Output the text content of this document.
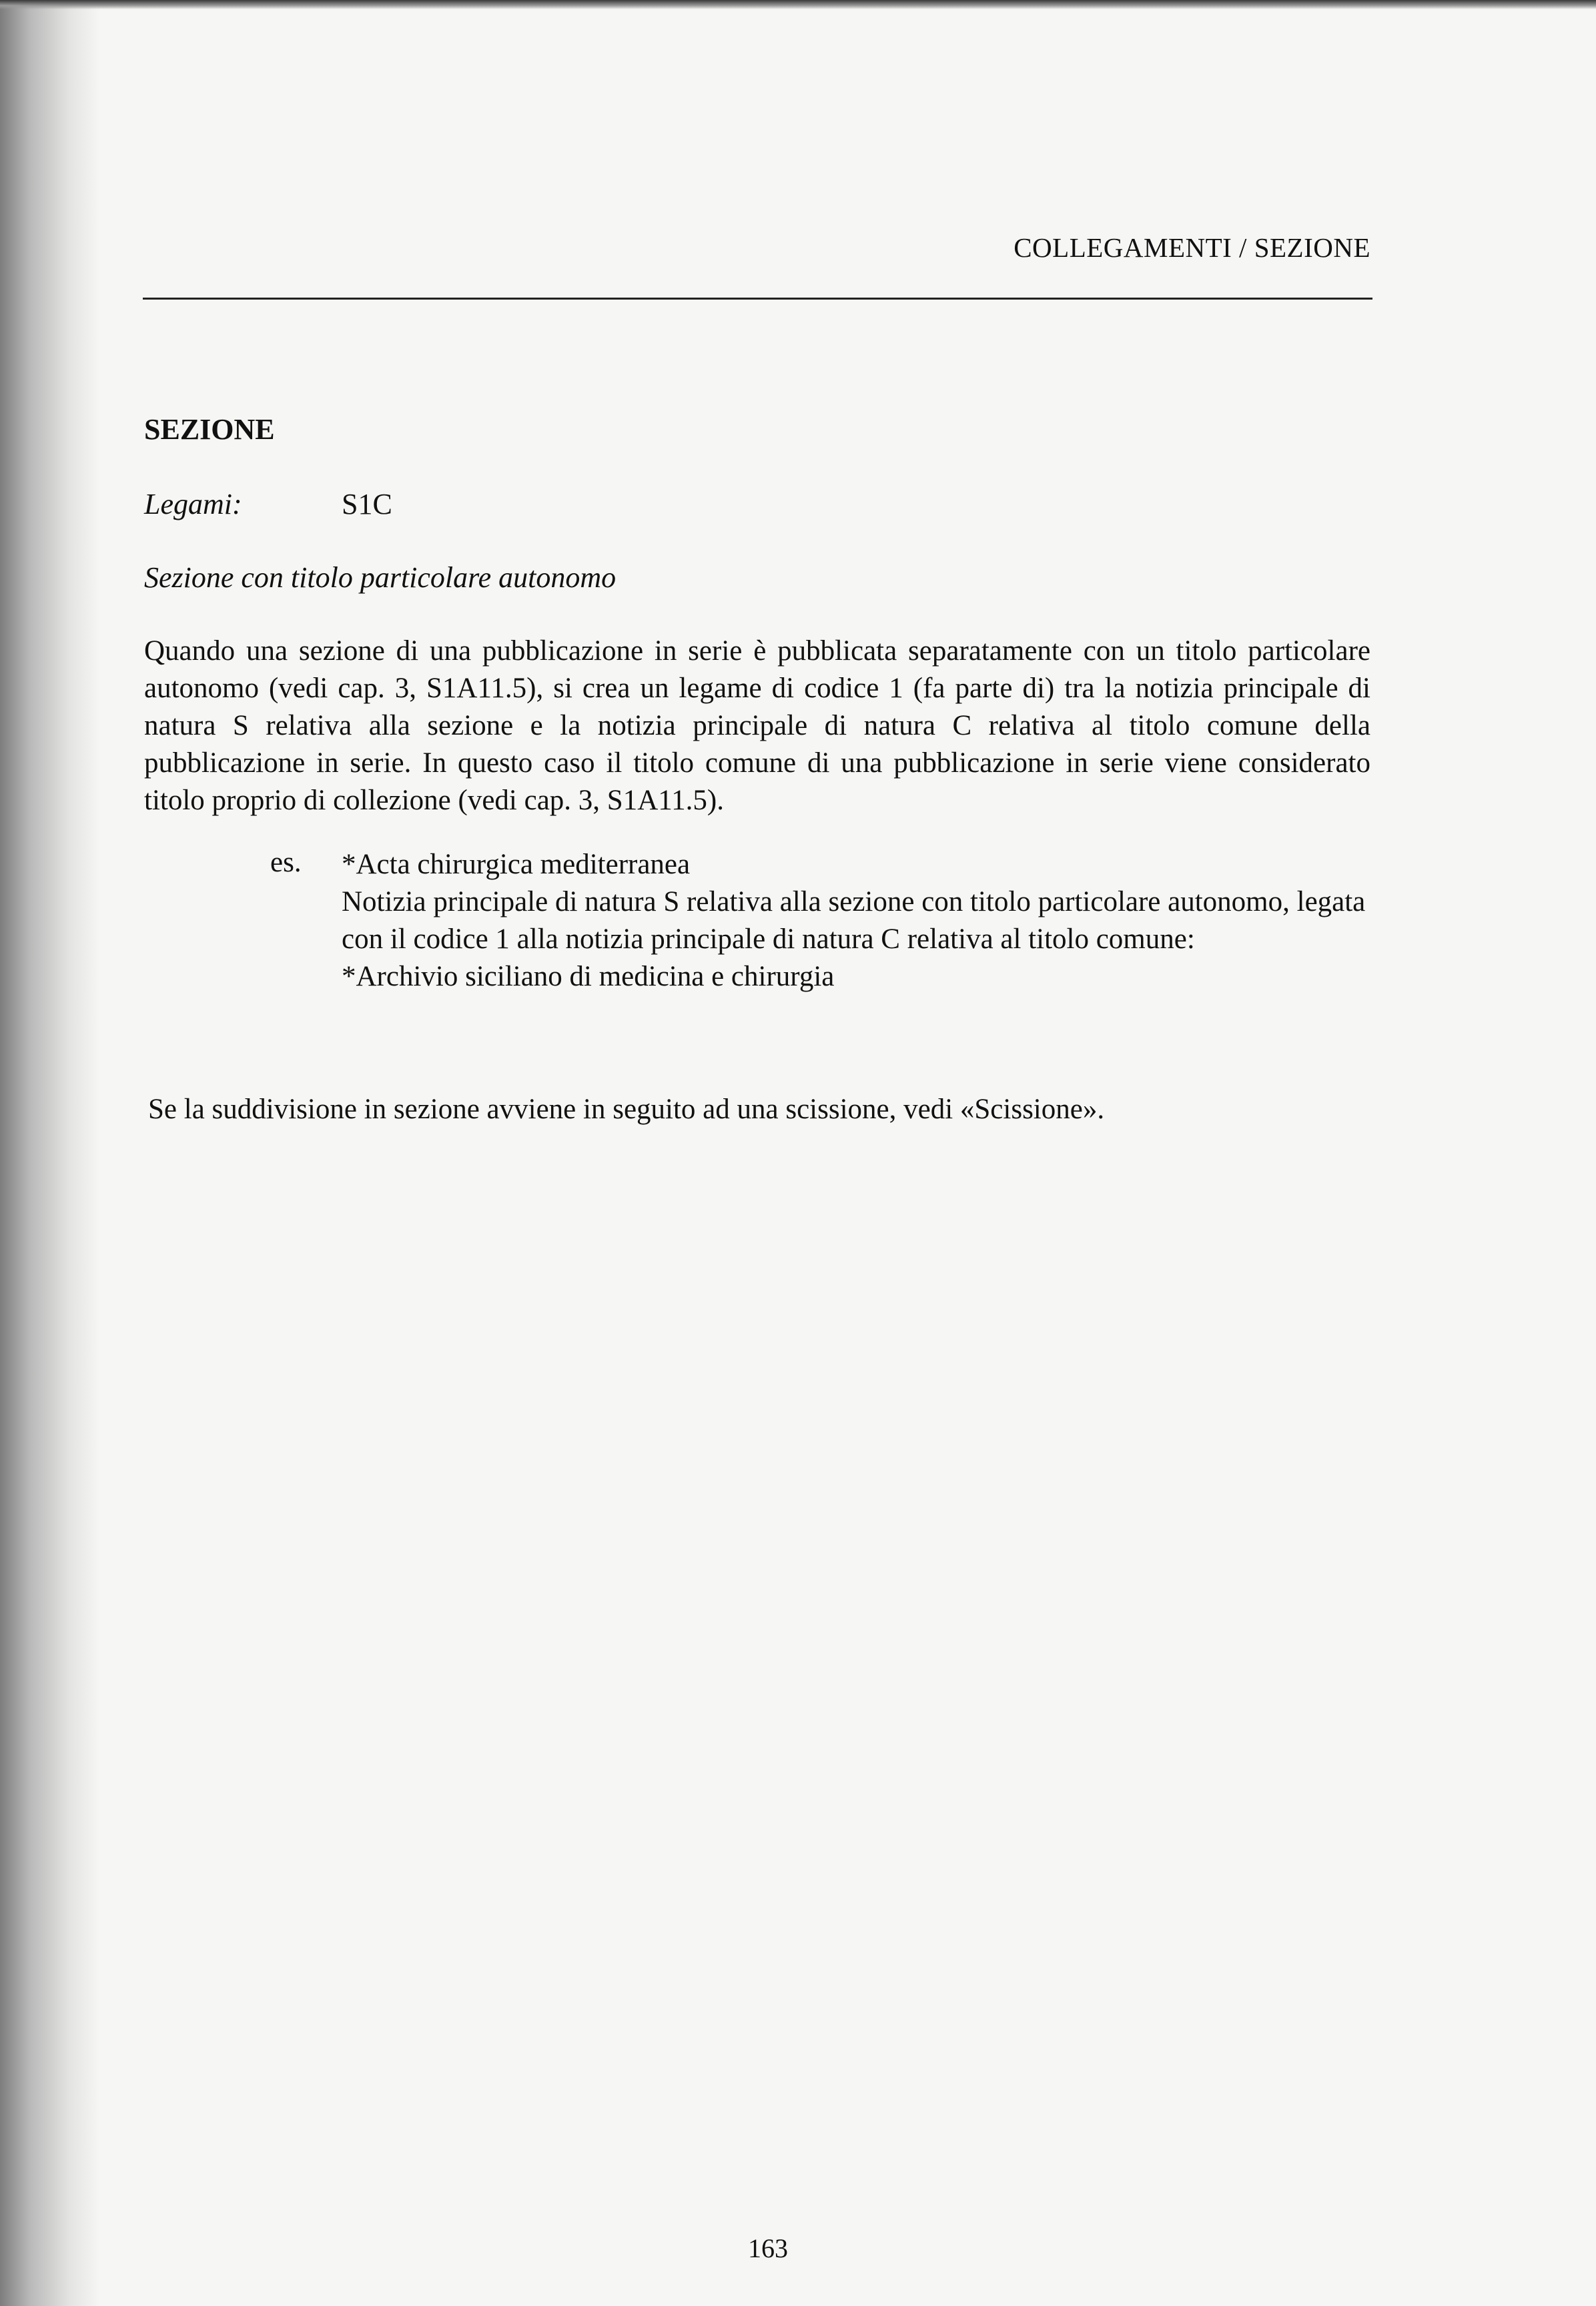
COLLEGAMENTI / SEZIONE
SEZIONE
Legami:	S1C
Sezione con titolo particolare autonomo
Quando una sezione di una pubblicazione in serie è pubblicata separatamente con un titolo particolare autonomo (vedi cap. 3, S1A11.5), si crea un legame di codice 1 (fa parte di) tra la notizia principale di natura S relativa alla sezione e la notizia principale di natura C relativa al titolo comune della pubblicazione in serie. In questo caso il titolo comune di una pubblicazione in serie viene considerato titolo proprio di collezione (vedi cap. 3, S1A11.5).
es. *Acta chirurgica mediterranea

Notizia principale di natura S relativa alla sezione con titolo particolare autonomo, legata con il codice 1 alla notizia principale di natura C relativa al titolo comune:

*Archivio siciliano di medicina e chirurgia

Se la suddivisione in sezione avviene in seguito ad una scissione, vedi «Scissione».
163
